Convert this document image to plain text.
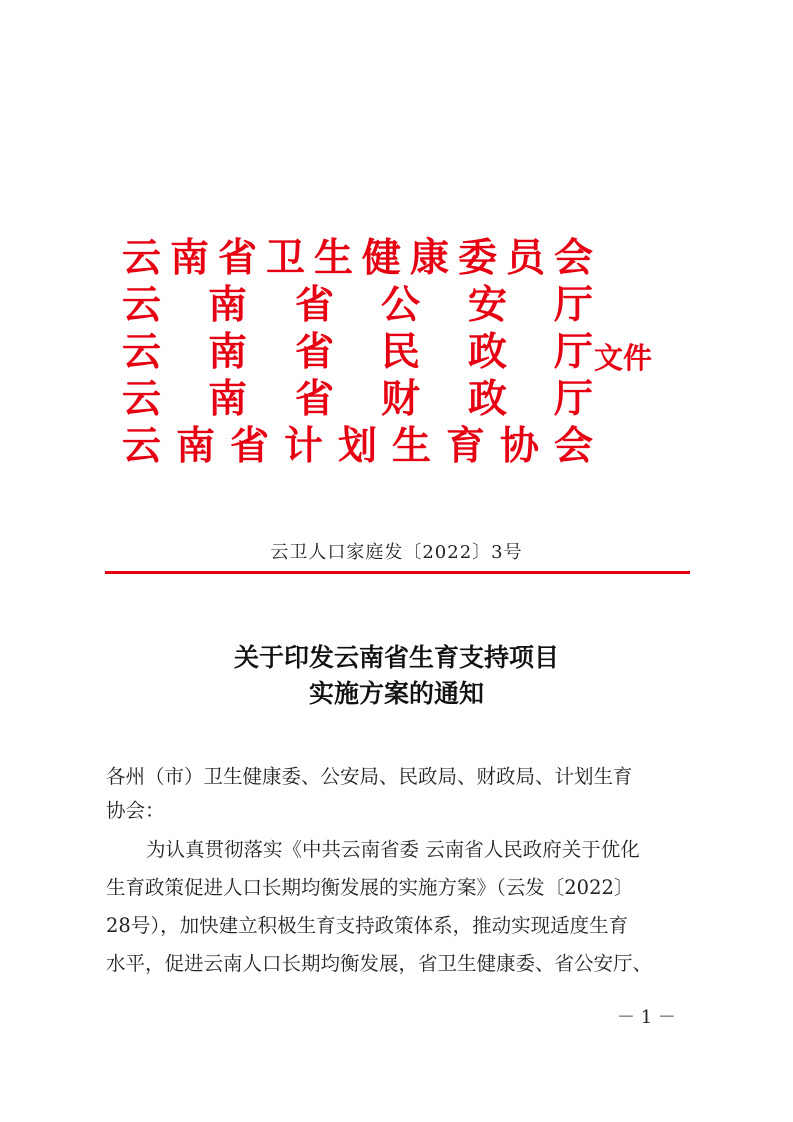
云 南 省 卫 生 健 康 委 员 会
云 南 省 公 安 厅
云 南 省 民 政 厅
云 南 省 财 政 厅
云 南 省 计 划 生 育 协 会
文件
云卫人口家庭发〔2022〕3号
关于印发云南省生育支持项目
实施方案的通知
各州（市）卫生健康委、公安局、民政局、财政局、计划生育
协会：
为认真贯彻落实《中共云南省委 云南省人民政府关于优化
生育政策促进人口长期均衡发展的实施方案》（云发〔2022〕
28号），加快建立积极生育支持政策体系，推动实现适度生育
水平，促进云南人口长期均衡发展，省卫生健康委、省公安厅、
－ 1 －
